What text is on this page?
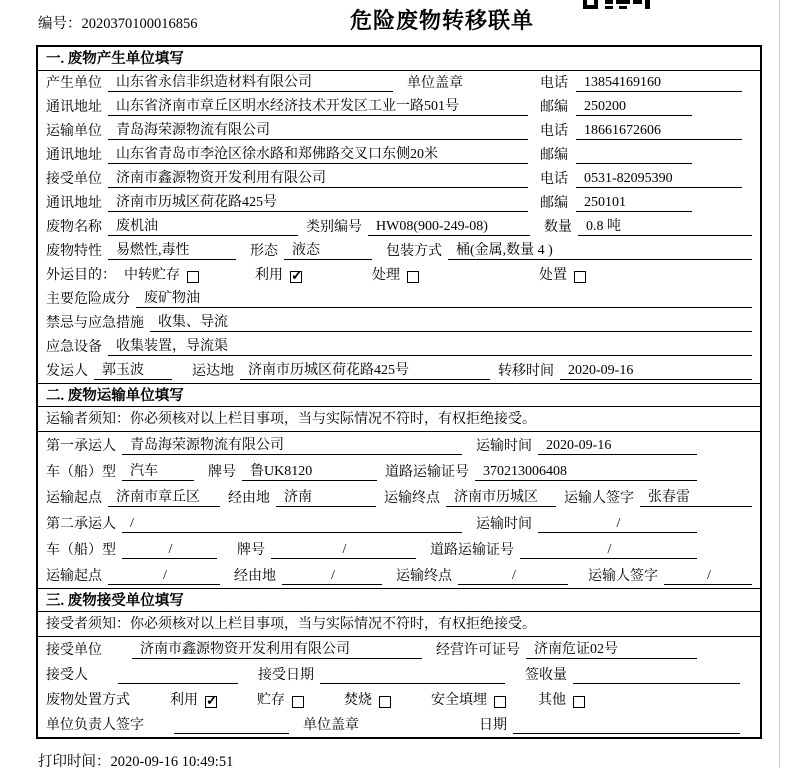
编号：2020370100016856	危险废物转移联单
一. 废物产生单位填写
产生单位	山东省永信非织造材料有限公司	单位盖章	电话	13854169160
通讯地址	山东省济南市章丘区明水经济技术开发区工业一路501号	邮编	250200
运输单位	青岛海荣源物流有限公司	电话	18661672606
通讯地址	山东省青岛市李沧区徐水路和郑佛路交叉口东侧20米	邮编
接受单位	济南市鑫源物资开发利用有限公司	电话	0531-82095390
通讯地址	济南市历城区荷花路425号	邮编	250101
废物名称	废机油	类别编号	HW08(900-249-08)	数量	0.8 吨
废物特性	易燃性,毒性	形态	液态	包装方式	桶(金属,数量 4 )
外运目的： 中转贮存	利用 ✓	处理	处置
主要危险成分	废矿物油
禁忌与应急措施	收集、导流
应急设备	收集装置，导流渠
发运人	郭玉波	运达地	济南市历城区荷花路425号	转移时间	2020-09-16
二. 废物运输单位填写
运输者须知：你必须核对以上栏目事项，当与实际情况不符时，有权拒绝接受。
第一承运人	青岛海荣源物流有限公司	运输时间	2020-09-16
车（船）型	汽车	牌号	鲁UK8120	道路运输证号	370213006408
运输起点	济南市章丘区	经由地	济南	运输终点	济南市历城区	运输人签字	张春雷
第二承运人	/	运输时间	/
车（船）型	/	牌号	/	道路运输证号	/
运输起点	/	经由地	/	运输终点	/	运输人签字	/
三. 废物接受单位填写
接受者须知：你必须核对以上栏目事项，当与实际情况不符时，有权拒绝接受。
接受单位	济南市鑫源物资开发利用有限公司	经营许可证号	济南危证02号
接受人	接受日期	签收量
废物处置方式	利用 ✓	贮存	焚烧	安全填埋	其他
单位负责人签字	单位盖章	日期
打印时间：2020-09-16 10:49:51
